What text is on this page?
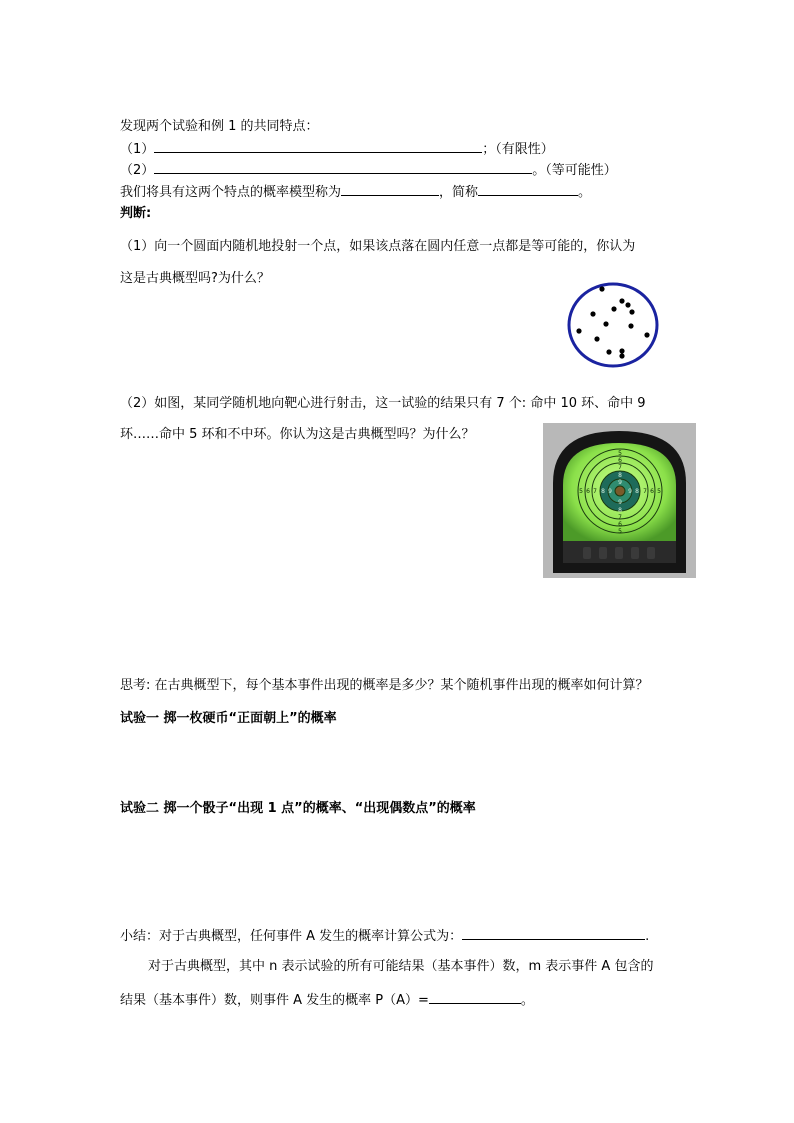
发现两个试验和例 1 的共同特点：
（1）	；（有限性）
（2）	。（等可能性）
我们将具有这两个特点的概率模型称为	，简称	。
判断:
（1）向一个圆面内随机地投射一个点，如果该点落在圆内任意一点都是等可能的，你认为
这是古典概型吗?为什么？
（2）如图，某同学随机地向靶心进行射击，这一试验的结果只有 7 个: 命中 10 环、命中 9
环……命中 5 环和不中环。你认为这是古典概型吗？为什么？
5
6
7
8
9
5 6 7 8 9	9 8 7 6 5
9
8
7
6
5
思考: 在古典概型下，每个基本事件出现的概率是多少？某个随机事件出现的概率如何计算？
试验一 掷一枚硬币“正面朝上”的概率
试验二 掷一个骰子“出现 1 点”的概率、“出现偶数点”的概率
小结：对于古典概型，任何事件 A 发生的概率计算公式为：	.
对于古典概型，其中 n 表示试验的所有可能结果（基本事件）数，m 表示事件 A 包含的
结果（基本事件）数，则事件 A 发生的概率 P（A）=	。
